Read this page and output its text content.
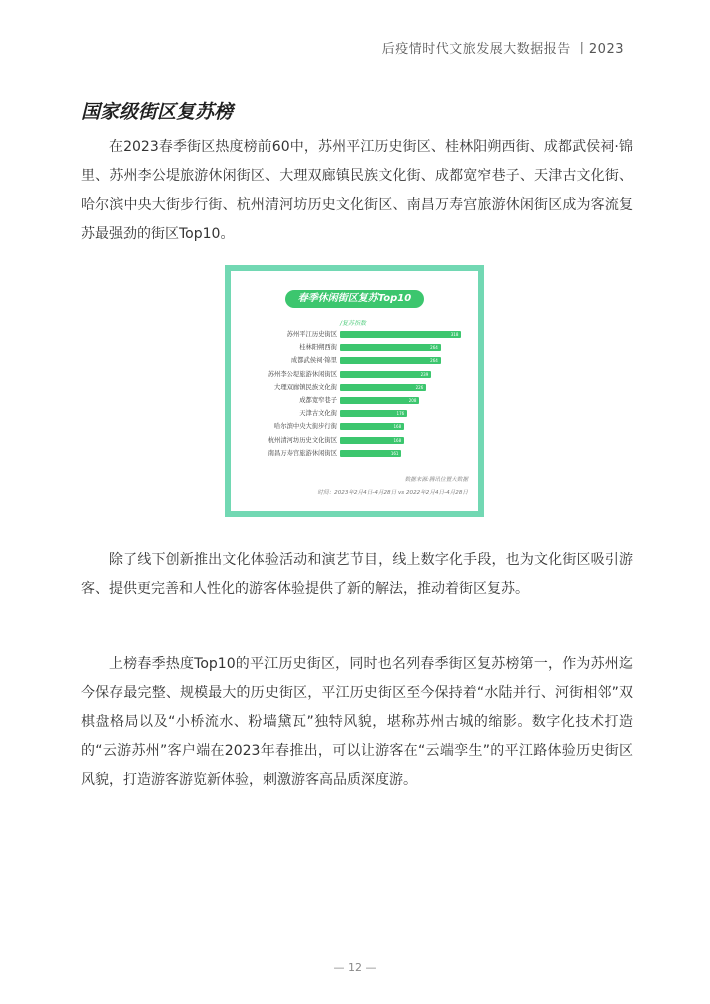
后疫情时代文旅发展大数据报告 丨2023
国家级街区复苏榜

在2023春季街区热度榜前60中，苏州平江历史街区、桂林阳朔西街、成都武侯祠·锦里、苏州李公堤旅游休闲街区、大理双廊镇民族文化街、成都宽窄巷子、天津古文化街、哈尔滨中央大街步行街、杭州清河坊历史文化街区、南昌万寿宫旅游休闲街区成为客流复苏最强劲的街区Top10。

春季休闲街区复苏Top10
/复苏指数
苏州平江历史街区	318
桂林阳朔西街	264
成都武侯祠·锦里	264
苏州李公堤旅游休闲街区	239
大理双廊镇民族文化街	226
成都宽窄巷子	208
天津古文化街	176
哈尔滨中央大街步行街	168
杭州清河坊历史文化街区	168
南昌万寿宫旅游休闲街区	161
数据来源:腾讯位置大数据
时间：2023年2月4日-4月28日 vs 2022年2月4日-4月28日

除了线下创新推出文化体验活动和演艺节目，线上数字化手段，也为文化街区吸引游客、提供更完善和人性化的游客体验提供了新的解法，推动着街区复苏。

上榜春季热度Top10的平江历史街区，同时也名列春季街区复苏榜第一，作为苏州迄今保存最完整、规模最大的历史街区，平江历史街区至今保持着“水陆并行、河街相邻”双棋盘格局以及“小桥流水、粉墙黛瓦”独特风貌，堪称苏州古城的缩影。数字化技术打造的“云游苏州”客户端在2023年春推出，可以让游客在“云端孪生”的平江路体验历史街区风貌，打造游客游览新体验，刺激游客高品质深度游。

— 12 —
